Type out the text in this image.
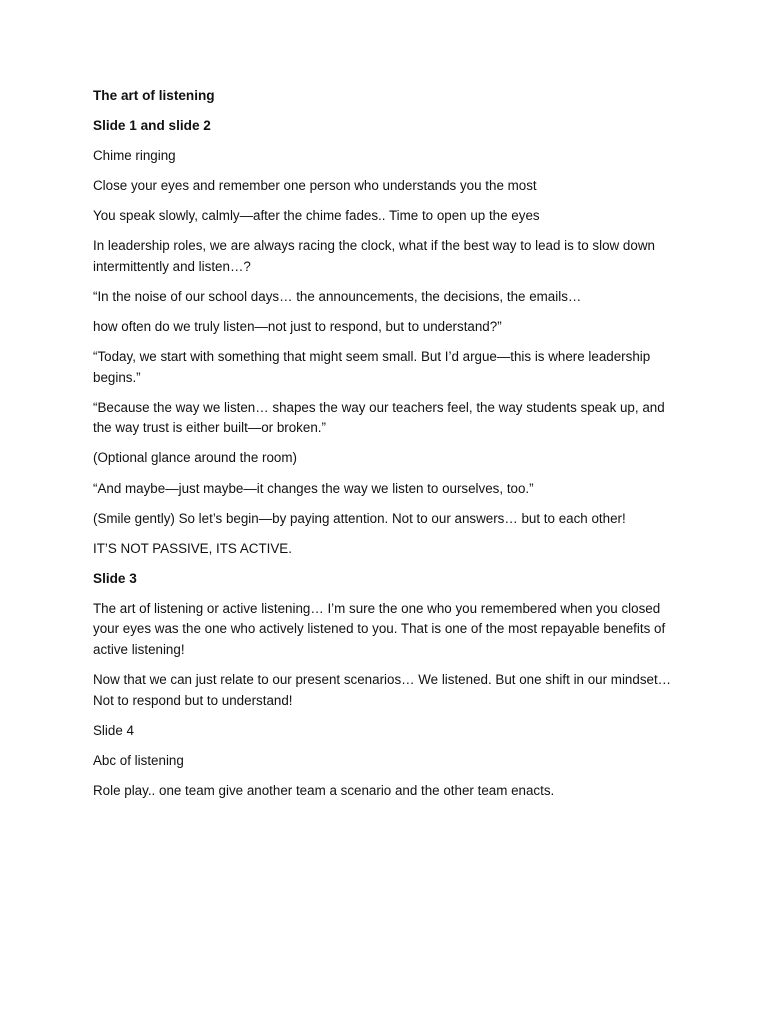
The art of listening

Slide 1 and slide 2

Chime ringing

Close your eyes and remember one person who understands you the most

You speak slowly, calmly—after the chime fades.. Time to open up the eyes

In leadership roles, we are always racing the clock, what if the best way to lead is to slow down intermittently and listen…?

“In the noise of our school days… the announcements, the decisions, the emails…

how often do we truly listen—not just to respond, but to understand?”

“Today, we start with something that might seem small. But I’d argue—this is where leadership begins.”

“Because the way we listen… shapes the way our teachers feel, the way students speak up, and the way trust is either built—or broken.”

(Optional glance around the room)

“And maybe—just maybe—it changes the way we listen to ourselves, too.”

(Smile gently) So let’s begin—by paying attention. Not to our answers… but to each other!

IT’S NOT PASSIVE, ITS ACTIVE.

Slide 3

The art of listening or active listening… I’m sure the one who you remembered when you closed your eyes was the one who actively listened to you. That is one of the most repayable benefits of active listening!

Now that we can just relate to our present scenarios… We listened. But one shift in our mindset… Not to respond but to understand!

Slide 4

Abc of listening

Role play.. one team give another team a scenario and the other team enacts.
